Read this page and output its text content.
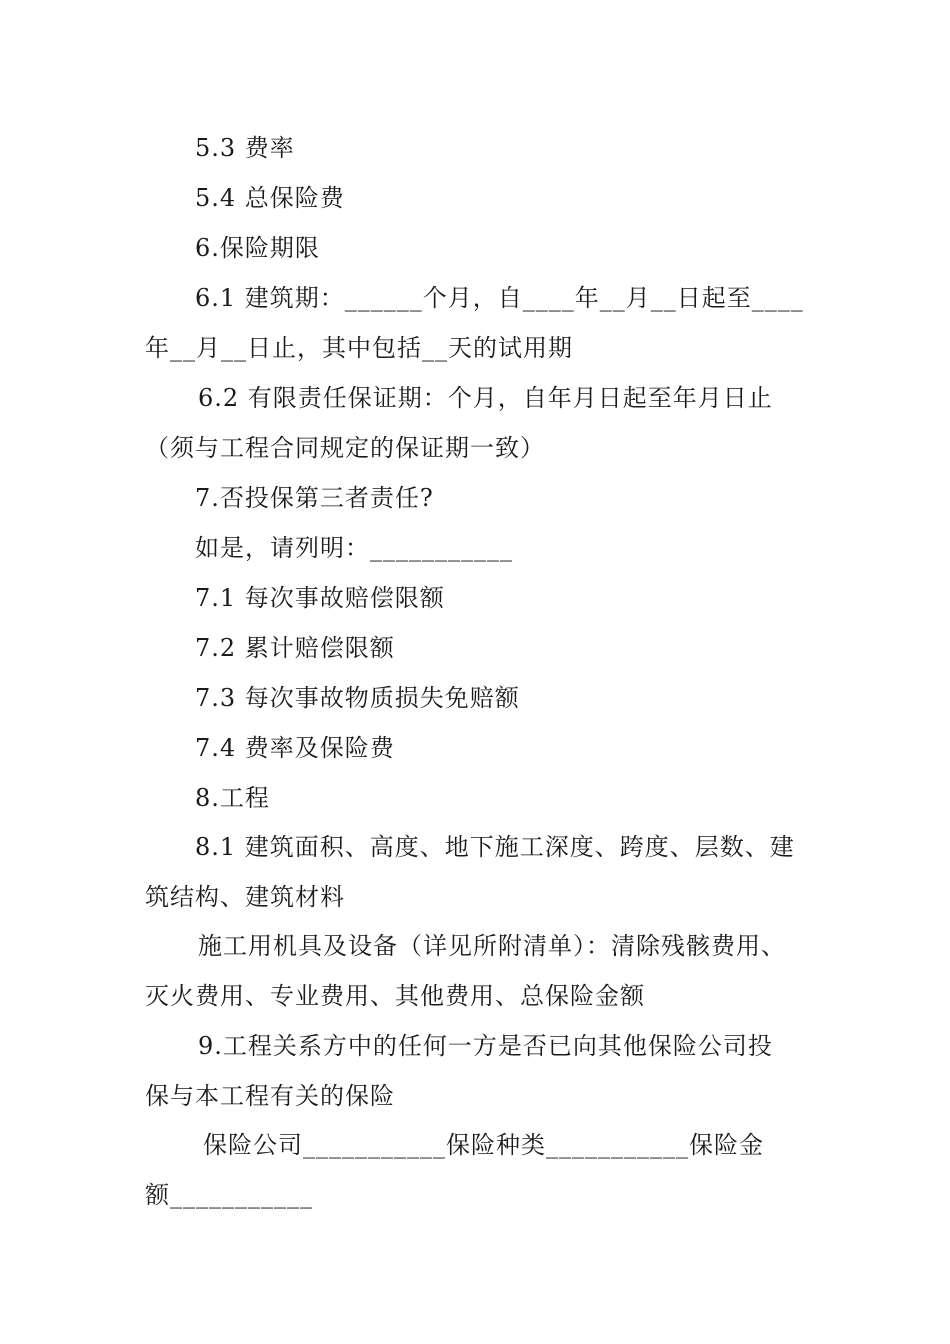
5.3 费率
5.4 总保险费
6.保险期限
6.1 建筑期：______个月，自____年__月__日起至____
年__月__日止，其中包括__天的试用期
6.2 有限责任保证期：个月，自年月日起至年月日止
（须与工程合同规定的保证期一致）
7.否投保第三者责任?
如是，请列明：___________
7.1 每次事故赔偿限额
7.2 累计赔偿限额
7.3 每次事故物质损失免赔额
7.4 费率及保险费
8.工程
8.1 建筑面积、高度、地下施工深度、跨度、层数、建
筑结构、建筑材料
施工用机具及设备（详见所附清单）：清除残骸费用、
灭火费用、专业费用、其他费用、总保险金额
9.工程关系方中的任何一方是否已向其他保险公司投
保与本工程有关的保险
保险公司___________保险种类___________保险金
额___________
